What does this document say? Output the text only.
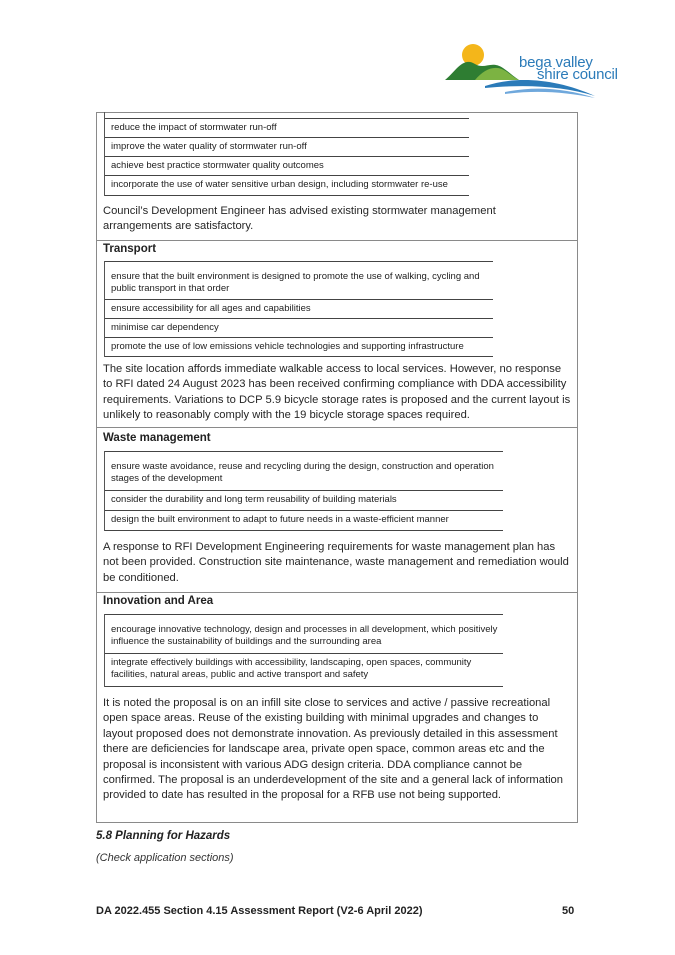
bega valley
shire council
reduce the impact of stormwater run-off
improve the water quality of stormwater run-off
achieve best practice stormwater quality outcomes
incorporate the use of water sensitive urban design, including stormwater re-use
Council’s Development Engineer has advised existing stormwater management arrangements are satisfactory.
Transport
ensure that the built environment is designed to promote the use of walking, cycling and public transport in that order
ensure accessibility for all ages and capabilities
minimise car dependency
promote the use of low emissions vehicle technologies and supporting infrastructure
The site location affords immediate walkable access to local services. However, no response to RFI dated 24 August 2023 has been received confirming compliance with DDA accessibility requirements. Variations to DCP 5.9 bicycle storage rates is proposed and the current layout is unlikely to reasonably comply with the 19 bicycle storage spaces required.
Waste management
ensure waste avoidance, reuse and recycling during the design, construction and operation stages of the development
consider the durability and long term reusability of building materials
design the built environment to adapt to future needs in a waste-efficient manner
A response to RFI Development Engineering requirements for waste management plan has not been provided. Construction site maintenance, waste management and remediation would be conditioned.
Innovation and Area
encourage innovative technology, design and processes in all development, which positively influence the sustainability of buildings and the surrounding area
integrate effectively buildings with accessibility, landscaping, open spaces, community facilities, natural areas, public and active transport and safety
It is noted the proposal is on an infill site close to services and active / passive recreational open space areas. Reuse of the existing building with minimal upgrades and changes to layout proposed does not demonstrate innovation. As previously detailed in this assessment there are deficiencies for landscape area, private open space, common areas etc and the proposal is inconsistent with various ADG design criteria. DDA compliance cannot be confirmed. The proposal is an underdevelopment of the site and a general lack of information provided to date has resulted in the proposal for a RFB use not being supported.
5.8 Planning for Hazards
(Check application sections)
DA 2022.455 Section 4.15 Assessment Report (V2-6 April 2022)	50
